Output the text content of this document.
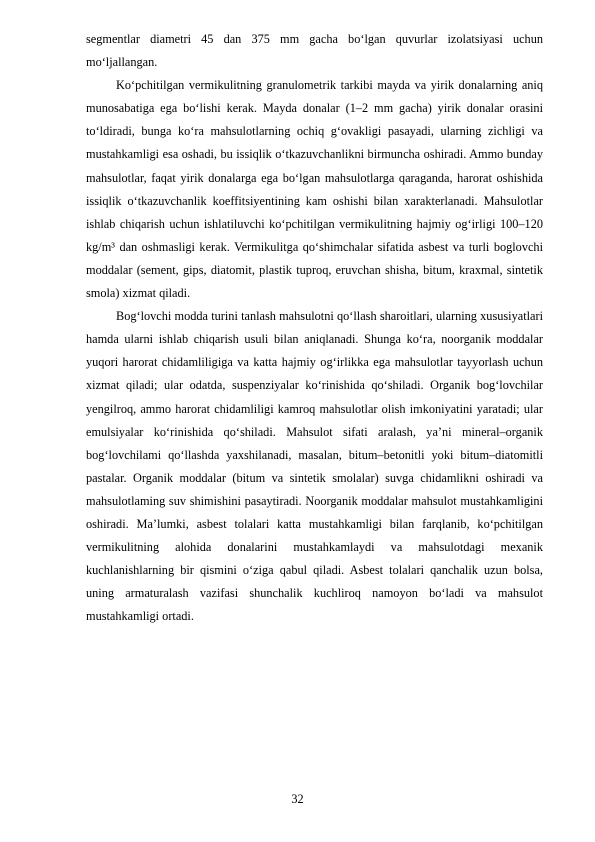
segmentlar diametri 45 dan 375 mm gacha bo‘lgan quvurlar izolatsiyasi uchun mo‘ljallangan.

Ko‘pchitilgan vermikulitning granulometrik tarkibi mayda va yirik donalarning aniq munosabatiga ega bo‘lishi kerak. Mayda donalar (1–2 mm gacha) yirik donalar orasini to‘ldiradi, bunga ko‘ra mahsulotlarning ochiq g‘ovakligi pasayadi, ularning zichligi va mustahkamligi esa oshadi, bu issiqlik o‘tkazuvchanlikni birmuncha oshiradi. Ammo bunday mahsulotlar, faqat yirik donalarga ega bo‘lgan mahsulotlarga qaraganda, harorat oshishida issiqlik o‘tkazuvchanlik koeffitsiyentining kam oshishi bilan xarakterlanadi. Mahsulotlar ishlab chiqarish uchun ishlatiluvchi ko‘pchitilgan vermikulitning hajmiy og‘irligi 100–120 kg/m³ dan oshmasligi kerak. Vermikulitga qo‘shimchalar sifatida asbest va turli boglovchi moddalar (sement, gips, diatomit, plastik tuproq, eruvchan shisha, bitum, kraxmal, sintetik smola) xizmat qiladi.

Bog‘lovchi modda turini tanlash mahsulotni qo‘llash sharoitlari, ularning xususiyatlari hamda ularni ishlab chiqarish usuli bilan aniqlanadi. Shunga ko‘ra, noorganik moddalar yuqori harorat chidamliligiga va katta hajmiy og‘irlikka ega mahsulotlar tayyorlash uchun xizmat qiladi; ular odatda, suspenziyalar ko‘rinishida qo‘shiladi. Organik bog‘lovchilar yengilroq, ammo harorat chidamliligi kamroq mahsulotlar olish imkoniyatini yaratadi; ular emulsiyalar ko‘rinishida qo‘shiladi. Mahsulot sifati aralash, ya’ni mineral–organik bog‘lovchilami qo‘llashda yaxshilanadi, masalan, bitum–betonitli yoki bitum–diatomitli pastalar. Organik moddalar (bitum va sintetik smolalar) suvga chidamlikni oshiradi va mahsulotlaming suv shimishini pasaytiradi. Noorganik moddalar mahsulot mustahkamligini oshiradi. Ma’lumki, asbest tolalari katta mustahkamligi bilan farqlanib, ko‘pchitilgan vermikulitning alohida donalarini mustahkamlaydi va mahsulotdagi mexanik kuchlanishlarning bir qismini o‘ziga qabul qiladi. Asbest tolalari qanchalik uzun bolsa, uning armaturalash vazifasi shunchalik kuchliroq namoyon bo‘ladi va mahsulot mustahkamligi ortadi.

32
